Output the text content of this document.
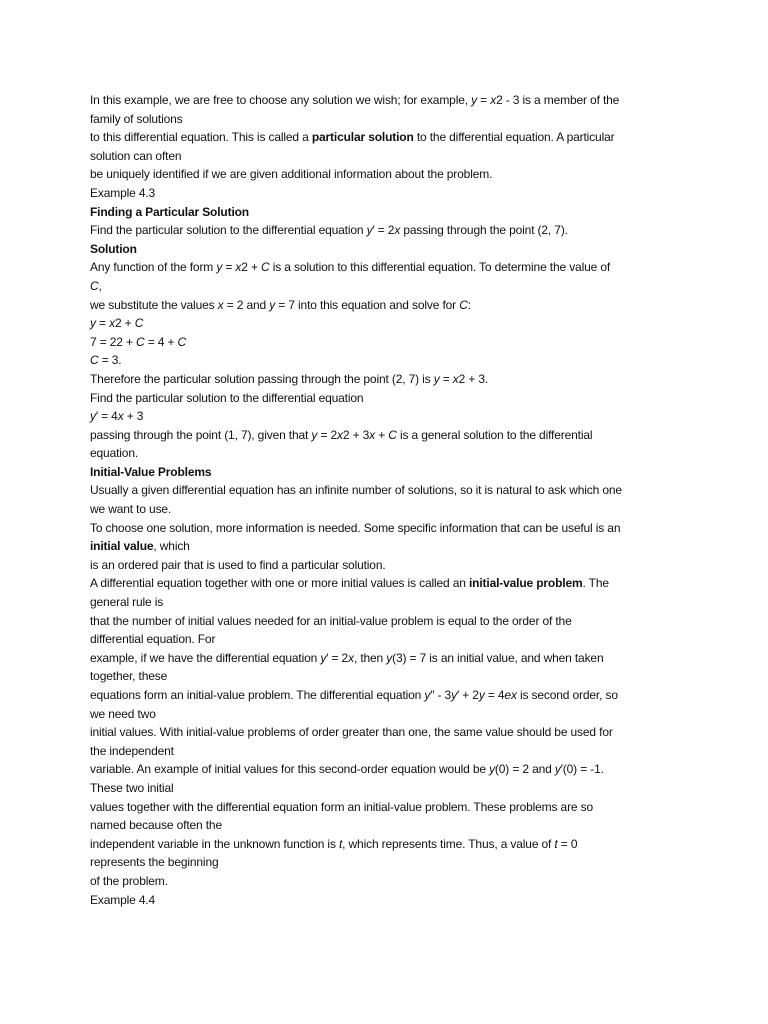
In this example, we are free to choose any solution we wish; for example, y = x2 - 3 is a member of the
family of solutions
to this differential equation. This is called a particular solution to the differential equation. A particular
solution can often
be uniquely identified if we are given additional information about the problem.
Example 4.3
Finding a Particular Solution
Find the particular solution to the differential equation y′ = 2x passing through the point (2, 7).
Solution
Any function of the form y = x2 + C is a solution to this differential equation. To determine the value of
C,
we substitute the values x = 2 and y = 7 into this equation and solve for C:
y = x2 + C
7 = 22 + C = 4 + C
C = 3.
Therefore the particular solution passing through the point (2, 7) is y = x2 + 3.
Find the particular solution to the differential equation
y′ = 4x + 3
passing through the point (1, 7), given that y = 2x2 + 3x + C is a general solution to the differential
equation.
Initial-Value Problems
Usually a given differential equation has an infinite number of solutions, so it is natural to ask which one
we want to use.
To choose one solution, more information is needed. Some specific information that can be useful is an
initial value, which
is an ordered pair that is used to find a particular solution.
A differential equation together with one or more initial values is called an initial-value problem. The
general rule is
that the number of initial values needed for an initial-value problem is equal to the order of the
differential equation. For
example, if we have the differential equation y′ = 2x, then y(3) = 7 is an initial value, and when taken
together, these
equations form an initial-value problem. The differential equation y″ - 3y′ + 2y = 4ex is second order, so
we need two
initial values. With initial-value problems of order greater than one, the same value should be used for
the independent
variable. An example of initial values for this second-order equation would be y(0) = 2 and y′(0) = -1.
These two initial
values together with the differential equation form an initial-value problem. These problems are so
named because often the
independent variable in the unknown function is t, which represents time. Thus, a value of t = 0
represents the beginning
of the problem.
Example 4.4
